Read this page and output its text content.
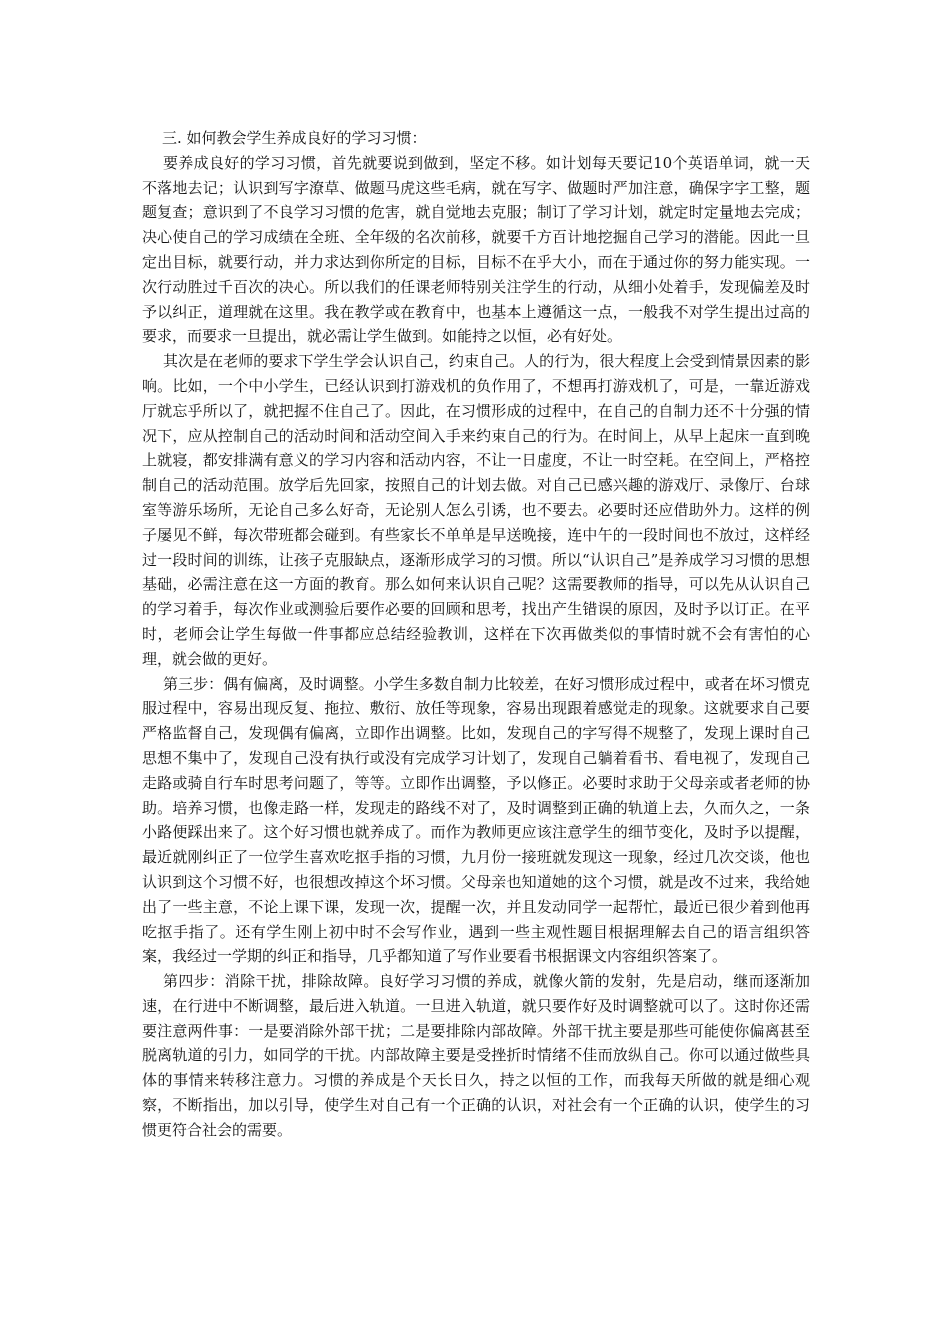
三. 如何教会学生养成良好的学习习惯：

要养成良好的学习习惯，首先就要说到做到，坚定不移。如计划每天要记10个英语单词，就一天不落地去记；认识到写字潦草、做题马虎这些毛病，就在写字、做题时严加注意，确保字字工整，题题复查；意识到了不良学习习惯的危害，就自觉地去克服；制订了学习计划，就定时定量地去完成；决心使自己的学习成绩在全班、全年级的名次前移，就要千方百计地挖掘自己学习的潜能。因此一旦定出目标，就要行动，并力求达到你所定的目标，目标不在乎大小，而在于通过你的努力能实现。一次行动胜过千百次的决心。所以我们的任课老师特别关注学生的行动，从细小处着手，发现偏差及时予以纠正，道理就在这里。我在教学或在教育中，也基本上遵循这一点，一般我不对学生提出过高的要求，而要求一旦提出，就必需让学生做到。如能持之以恒，必有好处。

其次是在老师的要求下学生学会认识自己，约束自己。人的行为，很大程度上会受到情景因素的影响。比如，一个中小学生，已经认识到打游戏机的负作用了，不想再打游戏机了，可是，一靠近游戏厅就忘乎所以了，就把握不住自己了。因此，在习惯形成的过程中，在自己的自制力还不十分强的情况下，应从控制自己的活动时间和活动空间入手来约束自己的行为。在时间上，从早上起床一直到晚上就寝，都安排满有意义的学习内容和活动内容，不让一日虚度，不让一时空耗。在空间上，严格控制自己的活动范围。放学后先回家，按照自己的计划去做。对自己已感兴趣的游戏厅、录像厅、台球室等游乐场所，无论自己多么好奇，无论别人怎么引诱，也不要去。必要时还应借助外力。这样的例子屡见不鲜，每次带班都会碰到。有些家长不单单是早送晚接，连中午的一段时间也不放过，这样经过一段时间的训练，让孩子克服缺点，逐渐形成学习的习惯。所以“认识自己”是养成学习习惯的思想基础，必需注意在这一方面的教育。那么如何来认识自己呢？这需要教师的指导，可以先从认识自己的学习着手，每次作业或测验后要作必要的回顾和思考，找出产生错误的原因，及时予以订正。在平时，老师会让学生每做一件事都应总结经验教训，这样在下次再做类似的事情时就不会有害怕的心理，就会做的更好。

第三步：偶有偏离，及时调整。小学生多数自制力比较差，在好习惯形成过程中，或者在坏习惯克服过程中，容易出现反复、拖拉、敷衍、放任等现象，容易出现跟着感觉走的现象。这就要求自己要严格监督自己，发现偶有偏离，立即作出调整。比如，发现自己的字写得不规整了，发现上课时自己思想不集中了，发现自己没有执行或没有完成学习计划了，发现自己躺着看书、看电视了，发现自己走路或骑自行车时思考问题了，等等。立即作出调整，予以修正。必要时求助于父母亲或者老师的协助。培养习惯，也像走路一样，发现走的路线不对了，及时调整到正确的轨道上去，久而久之，一条小路便踩出来了。这个好习惯也就养成了。而作为教师更应该注意学生的细节变化，及时予以提醒，最近就刚纠正了一位学生喜欢吃抠手指的习惯，九月份一接班就发现这一现象，经过几次交谈，他也认识到这个习惯不好，也很想改掉这个坏习惯。父母亲也知道她的这个习惯，就是改不过来，我给她出了一些主意，不论上课下课，发现一次，提醒一次，并且发动同学一起帮忙，最近已很少着到他再吃抠手指了。还有学生刚上初中时不会写作业，遇到一些主观性题目根据理解去自己的语言组织答案，我经过一学期的纠正和指导，几乎都知道了写作业要看书根据课文内容组织答案了。

第四步：消除干扰，排除故障。良好学习习惯的养成，就像火箭的发射，先是启动，继而逐渐加速，在行进中不断调整，最后进入轨道。一旦进入轨道，就只要作好及时调整就可以了。这时你还需要注意两件事：一是要消除外部干扰；二是要排除内部故障。外部干扰主要是那些可能使你偏离甚至脱离轨道的引力，如同学的干扰。内部故障主要是受挫折时情绪不佳而放纵自己。你可以通过做些具体的事情来转移注意力。习惯的养成是个天长日久，持之以恒的工作，而我每天所做的就是细心观察，不断指出，加以引导，使学生对自己有一个正确的认识，对社会有一个正确的认识，使学生的习惯更符合社会的需要。
